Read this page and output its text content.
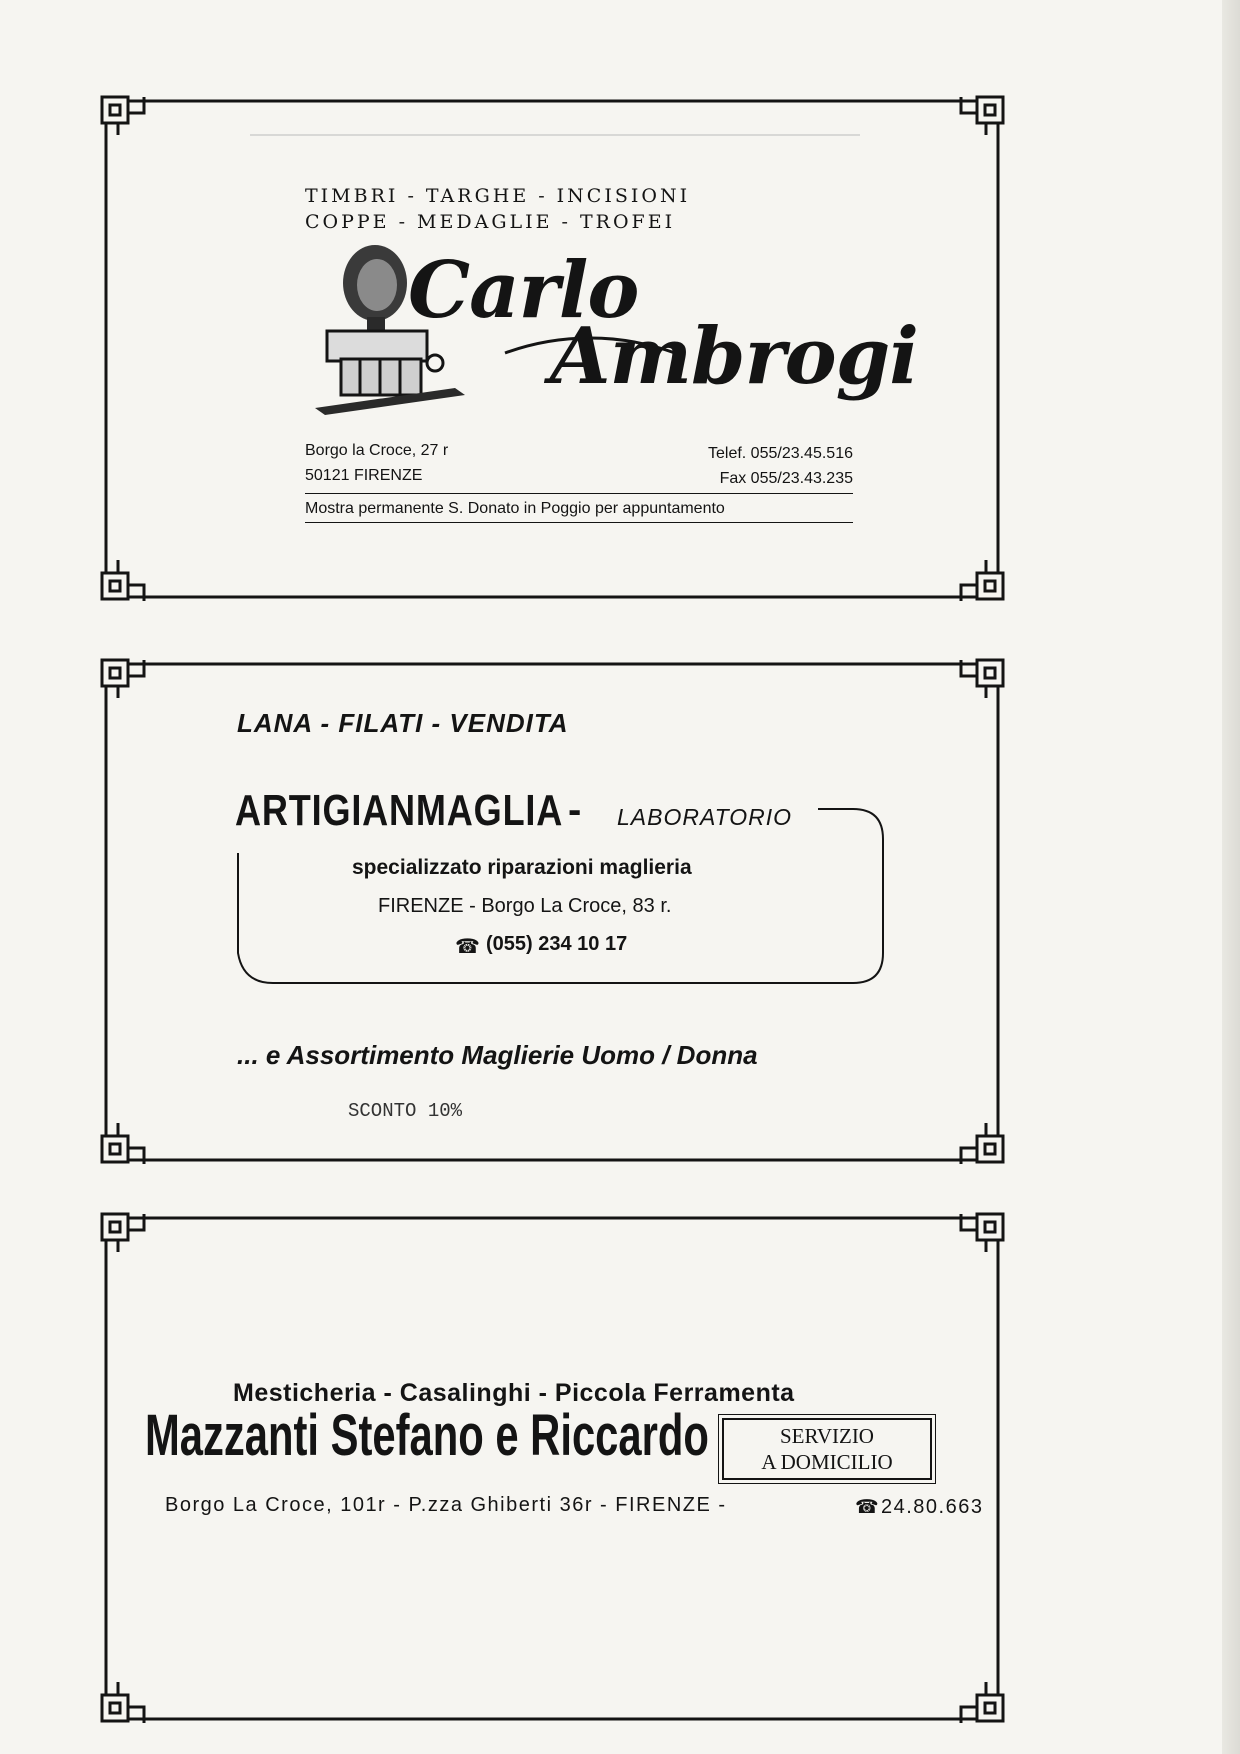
TIMBRI - TARGHE - INCISIONI

COPPE - MEDAGLIE - TROFEI

Carlo

Ambrogi

Borgo la Croce, 27 r

50121 FIRENZE

Telef. 055/23.45.516

Fax 055/23.43.235

Mostra permanente S. Donato in Poggio per appuntamento

LANA - FILATI - VENDITA

ARTIGIANMAGLIA - LABORATORIO

specializzato riparazioni maglieria

FIRENZE - Borgo La Croce, 83 r.

☎ (055) 234 10 17

... e Assortimento Maglierie Uomo / Donna

SCONTO 10%

Mesticheria - Casalinghi - Piccola Ferramenta

Mazzanti Stefano e Riccardo	SERVIZIO
A DOMICILIO

Borgo La Croce, 101r - P.zza Ghiberti 36r - FIRENZE -	☎ 24.80.663
